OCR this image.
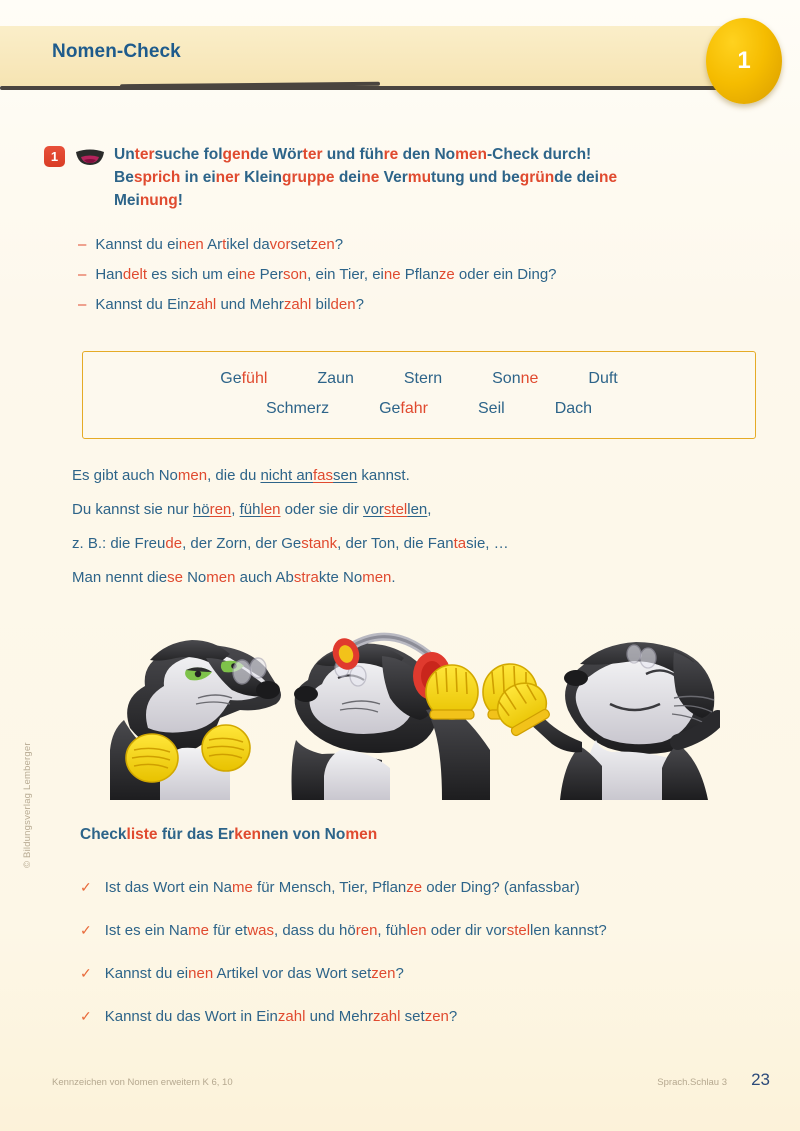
Nomen-Check	1
1	Untersuche folgende Wörter und führe den Nomen-Check durch!
Besprich in einer Kleingruppe deine Vermutung und begründe deine
Meinung!
– Kannst du einen Artikel davorsetzen?
– Handelt es sich um eine Person, ein Tier, eine Pflanze oder ein Ding?
– Kannst du Einzahl und Mehrzahl bilden?
Gefühl	Zaun	Stern	Sonne	Duft
Schmerz	Gefahr	Seil	Dach

Es gibt auch Nomen, die du nicht anfassen kannst.

Du kannst sie nur hören, fühlen oder sie dir vorstellen,

z. B.: die Freude, der Zorn, der Gestank, der Ton, die Fantasie, …

Man nennt diese Nomen auch Abstrakte Nomen.

Checkliste für das Erkennen von Nomen
✓ Ist das Wort ein Name für Mensch, Tier, Pflanze oder Ding? (anfassbar)
✓ Ist es ein Name für etwas, dass du hören, fühlen oder dir vorstellen kannst?
✓ Kannst du einen Artikel vor das Wort setzen?
✓ Kannst du das Wort in Einzahl und Mehrzahl setzen?
© Bildungsverlag Lemberger
Kennzeichen von Nomen erweitern K 6, 10	Sprach.Schlau 3 23
